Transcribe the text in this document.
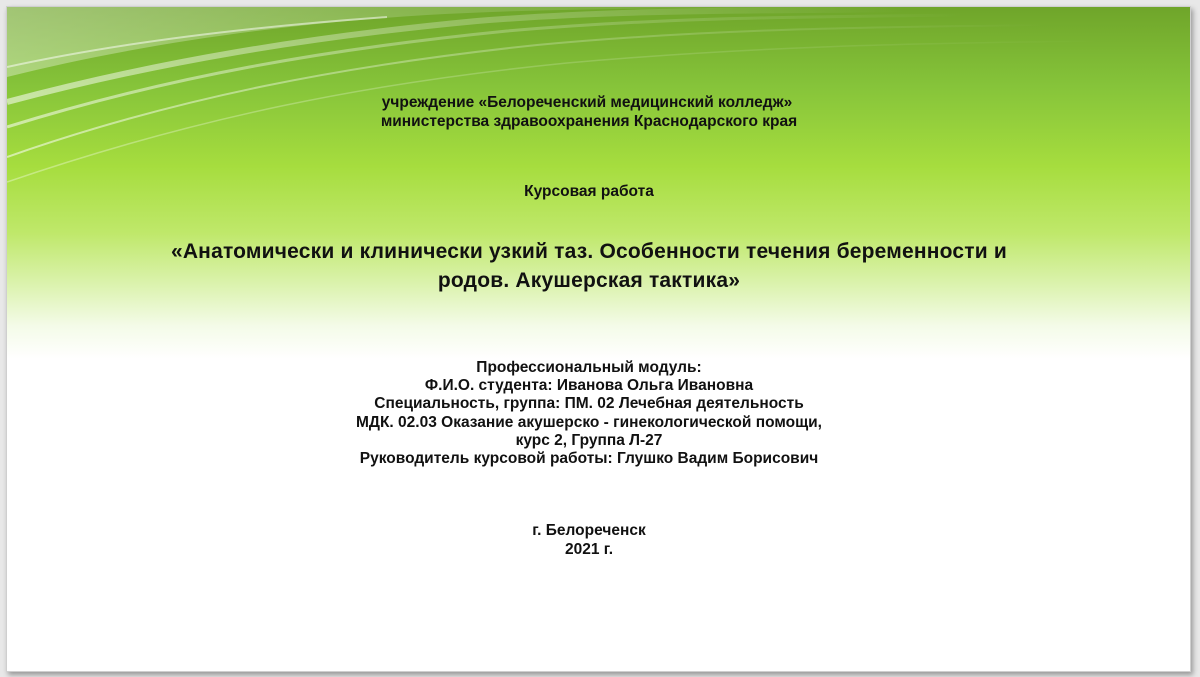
учреждение «Белореченский медицинский колледж»
министерства здравоохранения Краснодарского края
Курсовая работа
«Анатомически и клинически узкий таз. Особенности течения беременности и
родов. Акушерская тактика»
Профессиональный модуль:
Ф.И.О. студента: Иванова Ольга Ивановна
Специальность, группа: ПМ. 02 Лечебная деятельность
МДК. 02.03 Оказание акушерско - гинекологической помощи,
курс 2, Группа Л-27
Руководитель курсовой работы: Глушко Вадим Борисович
г. Белореченск
2021 г.
